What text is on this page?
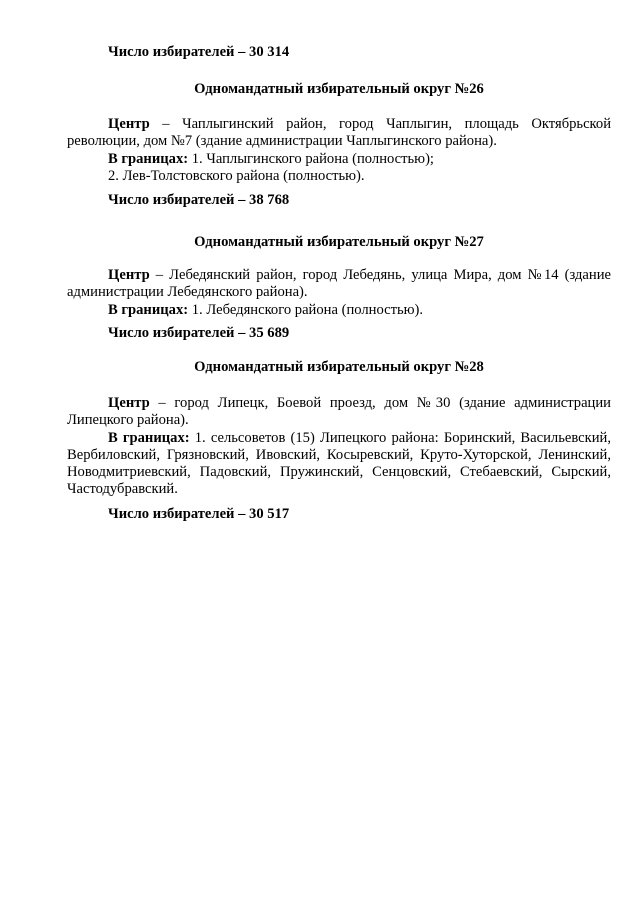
Число избирателей – 30 314

Одномандатный избирательный округ №26

Центр – Чаплыгинский район, город Чаплыгин, площадь Октябрьской революции, дом №7 (здание администрации Чаплыгинского района).

В границах: 1. Чаплыгинского района (полностью);

2. Лев-Толстовского района (полностью).

Число избирателей – 38 768

Одномандатный избирательный округ №27

Центр – Лебедянский район, город Лебедянь, улица Мира, дом №14 (здание администрации Лебедянского района).

В границах: 1. Лебедянского района (полностью).

Число избирателей – 35 689

Одномандатный избирательный округ №28

Центр – город Липецк, Боевой проезд, дом №30 (здание администрации Липецкого района).

В границах: 1. сельсоветов (15) Липецкого района: Боринский, Васильевский, Вербиловский, Грязновский, Ивовский, Косыревский, Круто-Хуторской, Ленинский, Новодмитриевский, Падовский, Пружинский, Сенцовский, Стебаевский, Сырский, Частодубравский.

Число избирателей – 30 517
